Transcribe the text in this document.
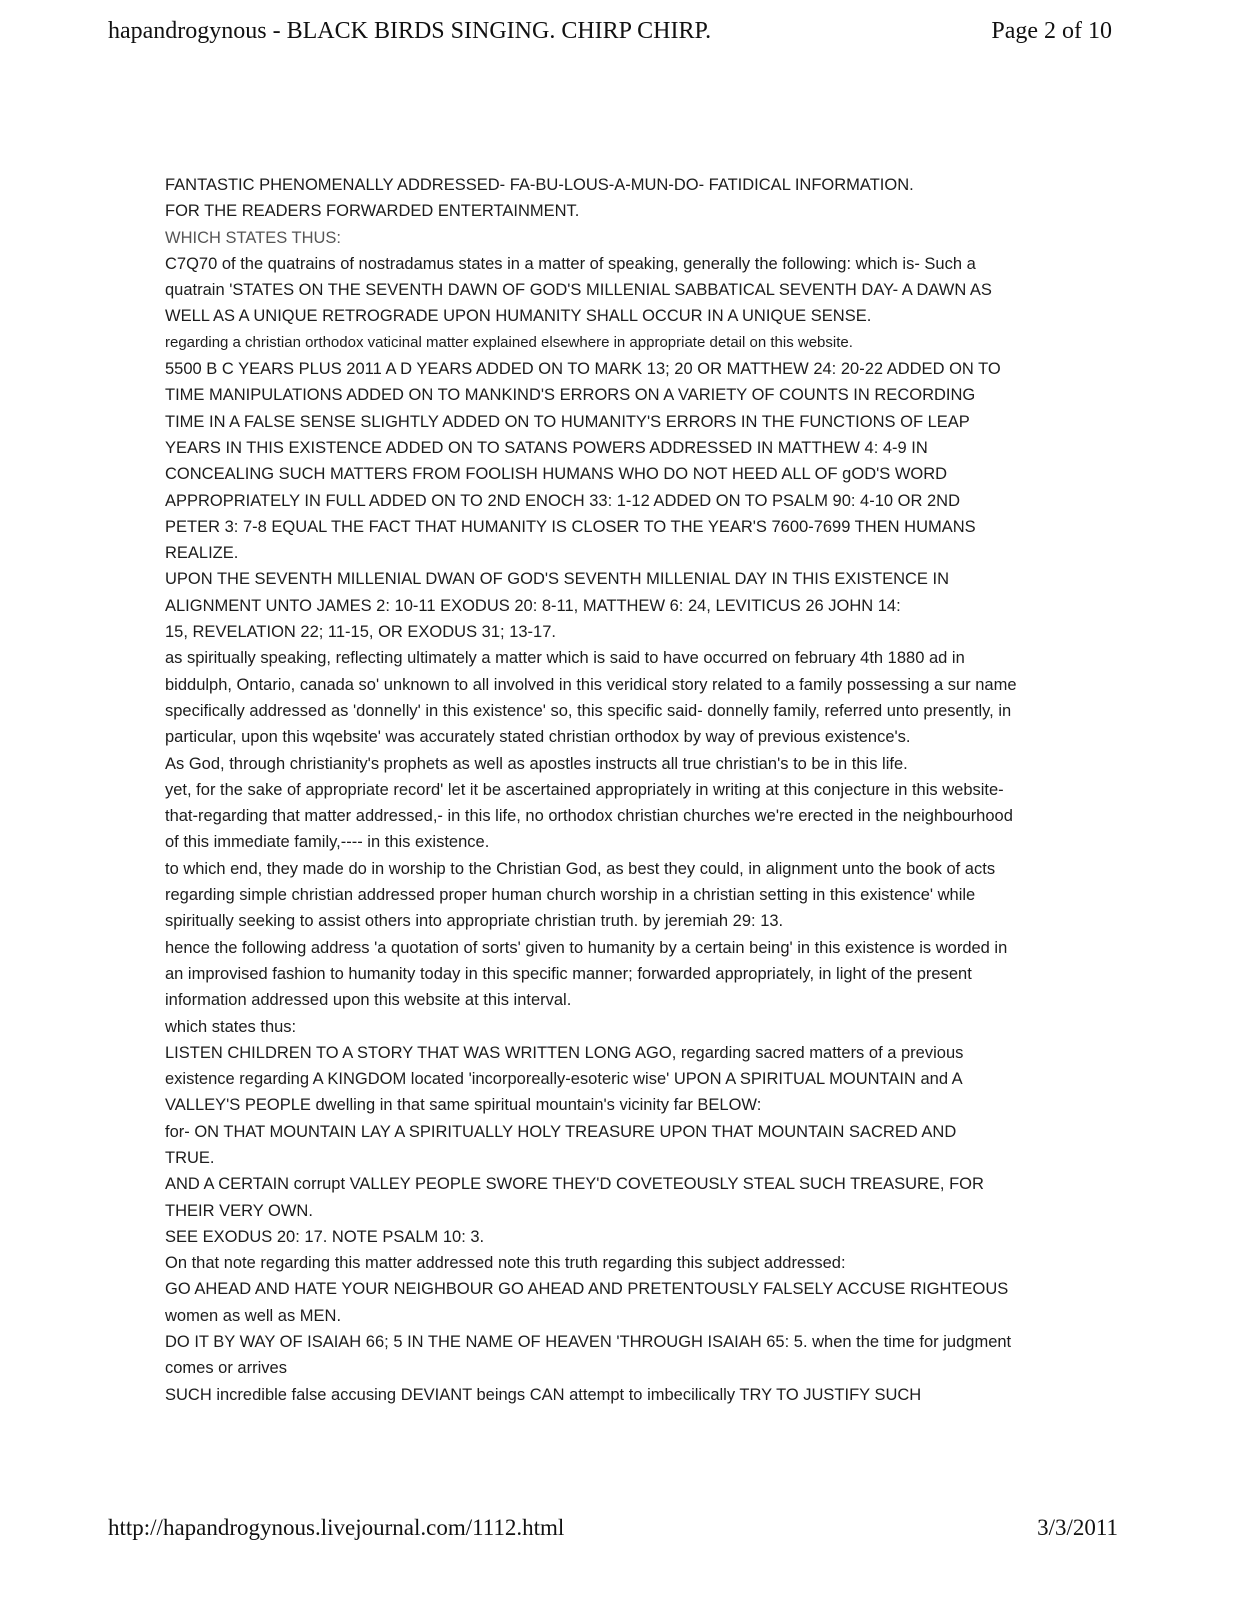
hapandrogynous - BLACK BIRDS SINGING. CHIRP CHIRP.	Page 2 of 10
FANTASTIC PHENOMENALLY ADDRESSED- FA-BU-LOUS-A-MUN-DO- FATIDICAL INFORMATION.
FOR THE READERS FORWARDED ENTERTAINMENT.
WHICH STATES THUS:
C7Q70 of the quatrains of nostradamus states in a matter of speaking, generally the following: which is- Such a
quatrain 'STATES ON THE SEVENTH DAWN OF GOD'S MILLENIAL SABBATICAL SEVENTH DAY- A DAWN AS
WELL AS A UNIQUE RETROGRADE UPON HUMANITY SHALL OCCUR IN A UNIQUE SENSE.
regarding a christian orthodox vaticinal matter explained elsewhere in appropriate detail on this website.
5500 B C YEARS PLUS 2011 A D YEARS ADDED ON TO MARK 13; 20 OR MATTHEW 24: 20-22 ADDED ON TO
TIME MANIPULATIONS ADDED ON TO MANKIND'S ERRORS ON A VARIETY OF COUNTS IN RECORDING
TIME IN A FALSE SENSE SLIGHTLY ADDED ON TO HUMANITY'S ERRORS IN THE FUNCTIONS OF LEAP
YEARS IN THIS EXISTENCE ADDED ON TO SATANS POWERS ADDRESSED IN MATTHEW 4: 4-9 IN
CONCEALING SUCH MATTERS FROM FOOLISH HUMANS WHO DO NOT HEED ALL OF gOD'S WORD
APPROPRIATELY IN FULL ADDED ON TO 2ND ENOCH 33: 1-12 ADDED ON TO PSALM 90: 4-10 OR 2ND
PETER 3: 7-8 EQUAL THE FACT THAT HUMANITY IS CLOSER TO THE YEAR'S 7600-7699 THEN HUMANS
REALIZE.
UPON THE SEVENTH MILLENIAL DWAN OF GOD'S SEVENTH MILLENIAL DAY IN THIS EXISTENCE IN
ALIGNMENT UNTO JAMES 2: 10-11 EXODUS 20: 8-11, MATTHEW 6: 24, LEVITICUS 26 JOHN 14:
15, REVELATION 22; 11-15, OR EXODUS 31; 13-17.
as spiritually speaking, reflecting ultimately a matter which is said to have occurred on february 4th 1880 ad in
biddulph, Ontario, canada so' unknown to all involved in this veridical story related to a family possessing a sur name
specifically addressed as 'donnelly' in this existence' so, this specific said- donnelly family, referred unto presently, in
particular, upon this wqebsite' was accurately stated christian orthodox by way of previous existence's.
As God, through christianity's prophets as well as apostles instructs all true christian's to be in this life.
yet, for the sake of appropriate record' let it be ascertained appropriately in writing at this conjecture in this website-
that-regarding that matter addressed,- in this life, no orthodox christian churches we're erected in the neighbourhood
of this immediate family,---- in this existence.
to which end, they made do in worship to the Christian God, as best they could, in alignment unto the book of acts
regarding simple christian addressed proper human church worship in a christian setting in this existence' while
spiritually seeking to assist others into appropriate christian truth. by jeremiah 29: 13.
hence the following address 'a quotation of sorts' given to humanity by a certain being' in this existence is worded in
an improvised fashion to humanity today in this specific manner; forwarded appropriately, in light of the present
information addressed upon this website at this interval.
which states thus:
LISTEN CHILDREN TO A STORY THAT WAS WRITTEN LONG AGO, regarding sacred matters of a previous
existence regarding A KINGDOM located 'incorporeally-esoteric wise' UPON A SPIRITUAL MOUNTAIN and A
VALLEY'S PEOPLE dwelling in that same spiritual mountain's vicinity far BELOW:
for- ON THAT MOUNTAIN LAY A SPIRITUALLY HOLY TREASURE UPON THAT MOUNTAIN SACRED AND
TRUE.
AND A CERTAIN corrupt VALLEY PEOPLE SWORE THEY'D COVETEOUSLY STEAL SUCH TREASURE, FOR
THEIR VERY OWN.
SEE EXODUS 20: 17. NOTE PSALM 10: 3.
On that note regarding this matter addressed note this truth regarding this subject addressed:
GO AHEAD AND HATE YOUR NEIGHBOUR GO AHEAD AND PRETENTOUSLY FALSELY ACCUSE RIGHTEOUS
women as well as MEN.
DO IT BY WAY OF ISAIAH 66; 5 IN THE NAME OF HEAVEN 'THROUGH ISAIAH 65: 5. when the time for judgment
comes or arrives
SUCH incredible false accusing DEVIANT beings CAN attempt to imbecilically TRY TO JUSTIFY SUCH
http://hapandrogynous.livejournal.com/1112.html	3/3/2011
